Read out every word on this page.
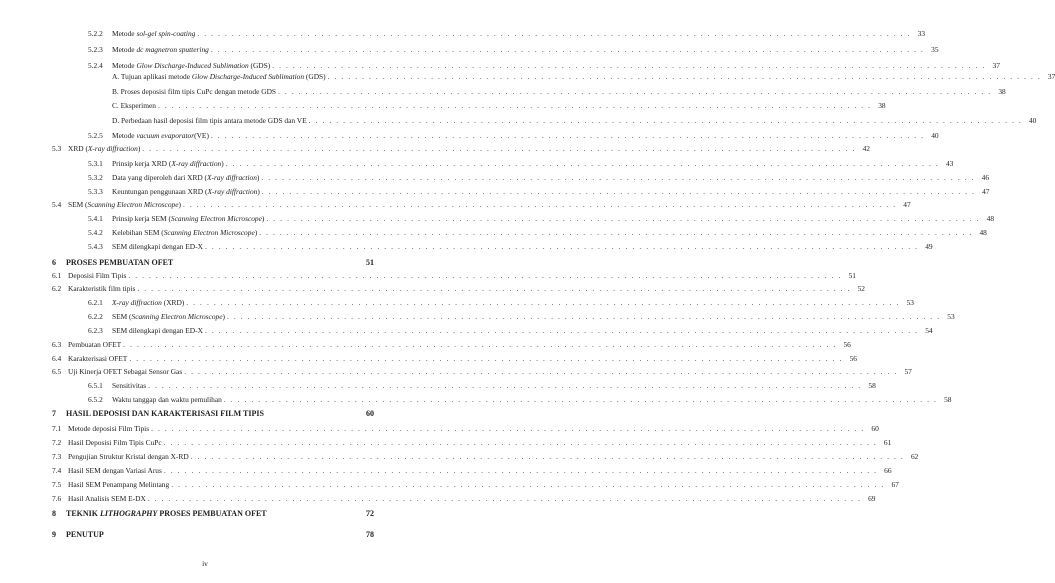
5.2.2	Metode sol-gel spin-coating . . .	33
5.2.3	Metode dc magnetron sputtering . . .	35
5.2.4	Metode Glow Discharge-Induced Sublimation (GDS) . . .	37
A. Tujuan aplikasi metode Glow Discharge-Induced Sublimation (GDS) . . .	37
B. Proses deposisi film tipis CuPc dengan metode GDS . . .	38
C. Eksperimen . . .	38
D. Perbedaan hasil deposisi film tipis antara metode GDS dan VE . . .	40
5.2.5	Metode vacuum evaporator(VE) . . .	40
5.3 XRD (X-ray diffraction) . . .	42
5.3.1	Prinsip kerja XRD (X-ray diffraction) . . .	43
5.3.2	Data yang diperoleh dari XRD (X-ray diffraction) . . .	46
5.3.3	Keuntungan penggunaan XRD (X-ray diffraction) . . .	47
5.4 SEM (Scanning Electron Microscope) . . .	47
5.4.1	Prinsip kerja SEM (Scanning Electron Microscope) . . .	48
5.4.2	Kelebihan SEM (Scanning Electron Microscope) . . .	48
5.4.3	SEM dilengkapi dengan ED-X . . .	49
6	PROSES PEMBUATAN OFET	51
6.1 Deposisi Film Tipis . . .	51
6.2 Karakteristik film tipis . . .	52
6.2.1	X-ray diffraction (XRD) . . .	53
6.2.2	SEM (Scanning Electron Microscope) . . .	53
6.2.3	SEM dilengkapi dengan ED-X . . .	54
6.3 Pembuatan OFET . . .	56
6.4 Karakterisasi OFET . . .	56
6.5 Uji Kinerja OFET Sebagai Sensor Gas . . .	57
6.5.1	Sensitivitas . . .	58
6.5.2	Waktu tanggap dan waktu pemulihan . . .	58
7	HASIL DEPOSISI DAN KARAKTERISASI FILM TIPIS	60
7.1 Metode deposisi Film Tipis . . .	60
7.2 Hasil Deposisi Film Tipis CuPc . . .	61
7.3 Pengujian Struktur Kristal dengan X-RD . . .	62
7.4 Hasil SEM dengan Variasi Arus . . .	66
7.5 Hasil SEM Penampang Melintang . . .	67
7.6 Hasil Analisis SEM E-DX . . .	69
8	TEKNIK LITHOGRAPHY PROSES PEMBUATAN OFET	72
9	PENUTUP	78
iv
